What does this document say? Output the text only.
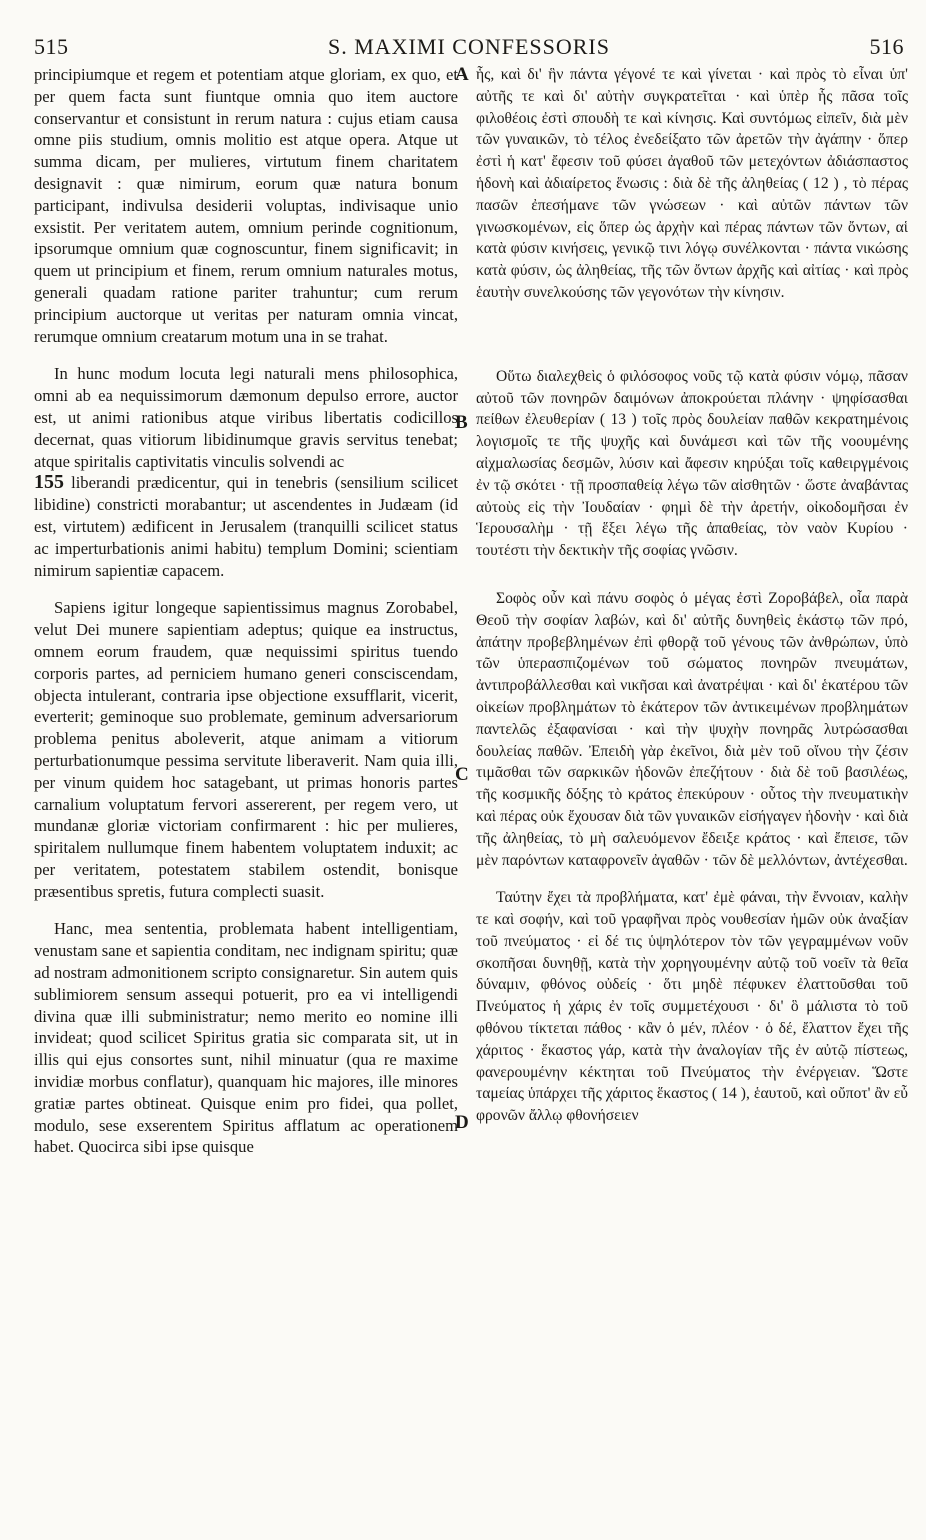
515	S. MAXIMI CONFESSORIS	516
A
B
C
D

principiumque et regem et potentiam atque gloriam, ex quo, et per quem facta sunt fiuntque omnia quo item auctore conservantur et consistunt in rerum natura : cujus etiam causa omne piis studium, omnis molitio est atque opera. Atque ut summa dicam, per mulieres, virtutum finem charitatem designavit : quæ nimirum, eorum quæ natura bonum participant, indivulsa desiderii voluptas, indivisaque unio exsistit. Per veritatem autem, omnium perinde cognitionum, ipsorumque omnium quæ cognoscuntur, finem significavit; in quem ut principium et finem, rerum omnium naturales motus, generali quadam ratione pariter trahuntur; cum rerum principium auctorque ut veritas per naturam omnia vincat, rerumque omnium creatarum motum una in se trahat.

In hunc modum locuta legi naturali mens philosophica, omni ab ea nequissimorum dæmonum depulso errore, auctor est, ut animi rationibus atque viribus libertatis codicillos decernat, quas vitiorum libidinumque gravis servitus tenebat; atque spiritalis captivitatis vinculis solvendi ac

155 liberandi prædicentur, qui in tenebris (sensilium scilicet libidine) constricti morabantur; ut ascendentes in Judæam (id est, virtutem) ædificent in Jerusalem (tranquilli scilicet status ac imperturbationis animi habitu) templum Domini; scientiam nimirum sapientiæ capacem.

Sapiens igitur longeque sapientissimus magnus Zorobabel, velut Dei munere sapientiam adeptus; quique ea instructus, omnem eorum fraudem, quæ nequissimi spiritus tuendo corporis partes, ad perniciem humano generi consciscendam, objecta intulerant, contraria ipse objectione exsufflarit, vicerit, everterit; geminoque suo problemate, geminum adversariorum problema penitus aboleverit, atque animam a vitiorum perturbationumque pessima servitute liberaverit. Nam quia illi, per vinum quidem hoc satagebant, ut primas honoris partes carnalium voluptatum fervori assererent, per regem vero, ut mundanæ gloriæ victoriam confirmarent : hic per mulieres, spiritalem nullumque finem habentem voluptatem induxit; ac per veritatem, potestatem stabilem ostendit, bonisque præsentibus spretis, futura complecti suasit.

Hanc, mea sententia, problemata habent intelligentiam, venustam sane et sapientia conditam, nec indignam spiritu; quæ ad nostram admonitionem scripto consignaretur. Sin autem quis sublimiorem sensum assequi potuerit, pro ea vi intelligendi divina quæ illi subministratur; nemo merito eo nomine illi invideat; quod scilicet Spiritus gratia sic comparata sit, ut in illis qui ejus consortes sunt, nihil minuatur (qua re maxime invidiæ morbus conflatur), quanquam hic majores, ille minores gratiæ partes obtineat. Quisque enim pro fidei, qua pollet, modulo, sese exserentem Spiritus afflatum ac operationem habet. Quocirca sibi ipse quisque

ἧς, καὶ δι' ἣν πάντα γέγονέ τε καὶ γίνεται · καὶ πρὸς τὸ εἶναι ὑπ' αὐτῆς τε καὶ δι' αὐτὴν συγκρατεῖται · καὶ ὑπὲρ ἧς πᾶσα τοῖς φιλοθέοις ἐστὶ σπουδὴ τε καὶ κίνησις. Καὶ συντόμως εἰπεῖν, διὰ μὲν τῶν γυναικῶν, τὸ τέλος ἐνεδείξατο τῶν ἀρετῶν τὴν ἀγάπην · ὅπερ ἐστὶ ἡ κατ' ἔφεσιν τοῦ φύσει ἀγαθοῦ τῶν μετεχόντων ἀδιάσπαστος ἡδονὴ καὶ ἀδιαίρετος ἕνωσις : διὰ δὲ τῆς ἀληθείας ( 12 ) , τὸ πέρας πασῶν ἐπεσήμανε τῶν γνώσεων · καὶ αὐτῶν πάντων τῶν γινωσκομένων, εἰς ὅπερ ὡς ἀρχὴν καὶ πέρας πάντων τῶν ὄντων, αἱ κατὰ φύσιν κινήσεις, γενικῷ τινι λόγῳ συνέλκονται · πάντα νικώσης κατὰ φύσιν, ὡς ἀληθείας, τῆς τῶν ὄντων ἀρχῆς καὶ αἰτίας · καὶ πρὸς ἑαυτὴν συνελκούσης τῶν γεγονότων τὴν κίνησιν.

Οὕτω διαλεχθεὶς ὁ φιλόσοφος νοῦς τῷ κατὰ φύσιν νόμῳ, πᾶσαν αὐτοῦ τῶν πονηρῶν δαιμόνων ἀποκρούεται πλάνην · ψηφίσασθαι πείθων ἐλευθερίαν ( 13 ) τοῖς πρὸς δουλείαν παθῶν κεκρατημένοις λογισμοῖς τε τῆς ψυχῆς καὶ δυνάμεσι καὶ τῶν τῆς νοουμένης αἰχμαλωσίας δεσμῶν, λύσιν καὶ ἄφεσιν κηρύξαι τοῖς καθειργμένοις ἐν τῷ σκότει · τῇ προσπαθείᾳ λέγω τῶν αἰσθητῶν · ὥστε ἀναβάντας αὐτοὺς εἰς τὴν Ἰουδαίαν · φημὶ δὲ τὴν ἀρετήν, οἰκοδομῆσαι ἐν Ἱερουσαλὴμ · τῇ ἕξει λέγω τῆς ἀπαθείας, τὸν ναὸν Κυρίου · τουτέστι τὴν δεκτικὴν τῆς σοφίας γνῶσιν.

Σοφὸς οὖν καὶ πάνυ σοφὸς ὁ μέγας ἐστὶ Ζοροβάβελ, οἷα παρὰ Θεοῦ τὴν σοφίαν λαβών, καὶ δι' αὐτῆς δυνηθεὶς ἑκάστῳ τῶν πρό, ἀπάτην προβεβλημένων ἐπὶ φθορᾷ τοῦ γένους τῶν ἀνθρώπων, ὑπὸ τῶν ὑπερασπιζομένων τοῦ σώματος πονηρῶν πνευμάτων, ἀντιπροβάλλεσθαι καὶ νικῆσαι καὶ ἀνατρέψαι · καὶ δι' ἑκατέρου τῶν οἰκείων προβλημάτων τὸ ἑκάτερον τῶν ἀντικειμένων προβλημάτων παντελῶς ἐξαφανίσαι · καὶ τὴν ψυχὴν πονηρᾶς λυτρώσασθαι δουλείας παθῶν. Ἐπειδὴ γὰρ ἐκεῖνοι, διὰ μὲν τοῦ οἴνου τὴν ζέσιν τιμᾶσθαι τῶν σαρκικῶν ἡδονῶν ἐπεζήτουν · διὰ δὲ τοῦ βασιλέως, τῆς κοσμικῆς δόξης τὸ κράτος ἐπεκύρουν · οὗτος τὴν πνευματικὴν καὶ πέρας οὐκ ἔχουσαν διὰ τῶν γυναικῶν εἰσήγαγεν ἡδονὴν · καὶ διὰ τῆς ἀληθείας, τὸ μὴ σαλευόμενον ἔδειξε κράτος · καὶ ἔπεισε, τῶν μὲν παρόντων καταφρονεῖν ἀγαθῶν · τῶν δὲ μελλόντων, ἀντέχεσθαι.

Ταύτην ἔχει τὰ προβλήματα, κατ' ἐμὲ φάναι, τὴν ἔννοιαν, καλὴν τε καὶ σοφήν, καὶ τοῦ γραφῆναι πρὸς νουθεσίαν ἡμῶν οὐκ ἀναξίαν τοῦ πνεύματος · εἰ δέ τις ὑψηλότερον τὸν τῶν γεγραμμένων νοῦν σκοπῆσαι δυνηθῇ, κατὰ τὴν χορηγουμένην αὐτῷ τοῦ νοεῖν τὰ θεῖα δύναμιν, φθόνος οὐδείς · ὅτι μηδὲ πέφυκεν ἐλαττοῦσθαι τοῦ Πνεύματος ἡ χάρις ἐν τοῖς συμμετέχουσι · δι' ὃ μάλιστα τὸ τοῦ φθόνου τίκτεται πάθος · κἂν ὁ μέν, πλέον · ὁ δέ, ἔλαττον ἔχει τῆς χάριτος · ἕκαστος γάρ, κατὰ τὴν ἀναλογίαν τῆς ἐν αὐτῷ πίστεως, φανερουμένην κέκτηται τοῦ Πνεύματος τὴν ἐνέργειαν. Ὥστε ταμείας ὑπάρχει τῆς χάριτος ἕκαστος ( 14 ), ἑαυτοῦ, καὶ οὔποτ' ἂν εὖ φρονῶν ἄλλῳ φθονήσειεν
